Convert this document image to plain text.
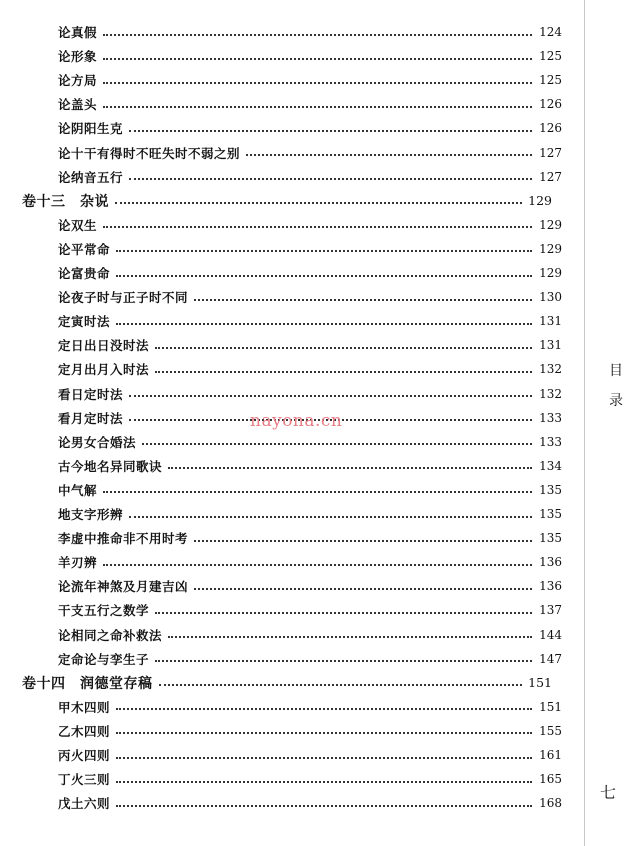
论真假	124
论形象	125
论方局	125
论盖头	126
论阴阳生克	126
论十干有得时不旺失时不弱之别	127
论纳音五行	127
卷十三　杂说	129
论双生	129
论平常命	129
论富贵命	129
论夜子时与正子时不同	130
定寅时法	131
定日出日没时法	131
定月出月入时法	132
看日定时法	132
看月定时法	133
论男女合婚法	133
古今地名异同歌诀	134
中气解	135
地支字形辨	135
李虚中推命非不用时考	135
羊刃辨	136
论流年神煞及月建吉凶	136
干支五行之数学	137
论相同之命补救法	144
定命论与孪生子	147
卷十四　润德堂存稿	151
甲木四则	151
乙木四则	155
丙火四则	161
丁火三则	165
戊土六则	168
nayona.cn
目
录
七
